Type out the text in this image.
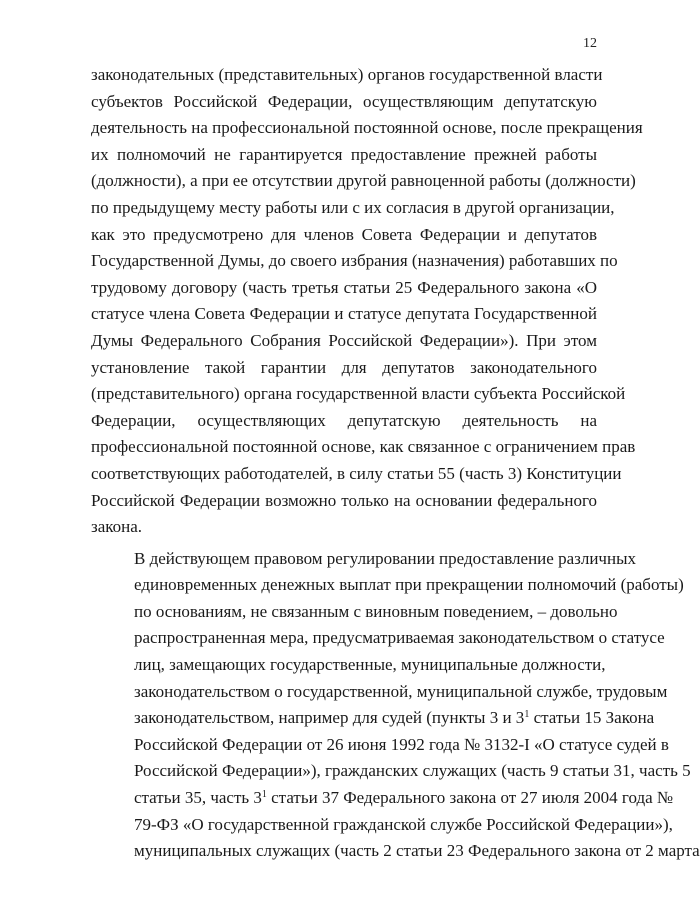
12
законодательных (представительных) органов государственной власти
субъектов Российской Федерации, осуществляющим депутатскую
деятельность на профессиональной постоянной основе, после прекращения
их полномочий не гарантируется предоставление прежней работы
(должности), а при ее отсутствии другой равноценной работы (должности)
по предыдущему месту работы или с их согласия в другой организации,
как это предусмотрено для членов Совета Федерации и депутатов
Государственной Думы, до своего избрания (назначения) работавших по
трудовому договору (часть третья статьи 25 Федерального закона «О
статусе члена Совета Федерации и статусе депутата Государственной
Думы Федерального Собрания Российской Федерации»). При этом
установление такой гарантии для депутатов законодательного
(представительного) органа государственной власти субъекта Российской
Федерации, осуществляющих депутатскую деятельность на
профессиональной постоянной основе, как связанное с ограничением прав
соответствующих работодателей, в силу статьи 55 (часть 3) Конституции
Российской Федерации возможно только на основании федерального
закона.
В действующем правовом регулировании предоставление различных
единовременных денежных выплат при прекращении полномочий (работы)
по основаниям, не связанным с виновным поведением, – довольно
распространенная мера, предусматриваемая законодательством о статусе
лиц, замещающих государственные, муниципальные должности,
законодательством о государственной, муниципальной службе, трудовым
законодательством, например для судей (пункты 3 и $3^1$ статьи 15 Закона
Российской Федерации от 26 июня 1992 года № 3132-I «О статусе судей в
Российской Федерации»), гражданских служащих (часть 9 статьи 31, часть 5
статьи 35, часть $3^1$ статьи 37 Федерального закона от 27 июля 2004 года №
79-ФЗ «О государственной гражданской службе Российской Федерации»),
муниципальных служащих (часть 2 статьи 23 Федерального закона от 2 марта
